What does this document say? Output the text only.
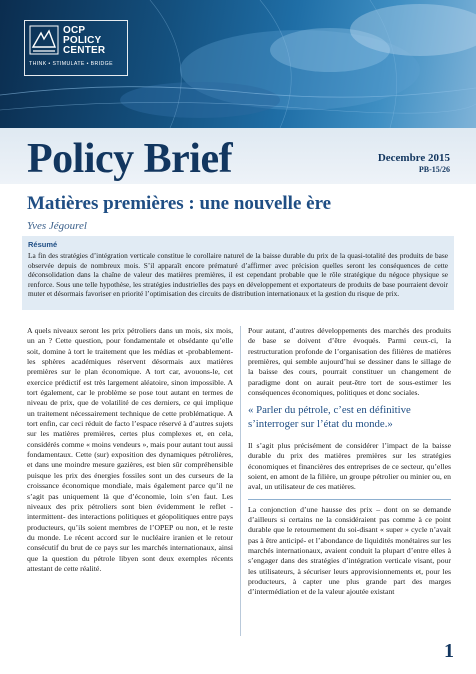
OCP
POLICY
CENTER
THINK • STIMULATE • BRIDGE
Policy Brief	Decembre 2015
PB-15/26
Matières premières : une nouvelle ère
Yves Jégourel
Résumé

La fin des stratégies d’intégration verticale constitue le corollaire naturel de la baisse durable du prix de la quasi-totalité des produits de base observée depuis de nombreux mois. S’il apparaît encore prématuré d’affirmer avec précision quelles seront les conséquences de cette déconsolidation dans la chaîne de valeur des matières premières, il est cependant probable que le rôle stratégique du négoce physique se renforce. Sous une telle hypothèse, les stratégies industrielles des pays en développement et exportateurs de produits de base pourraient devoir muter et désormais favoriser en priorité l’optimisation des circuits de distribution internationaux et la gestion du risque de prix.

A quels niveaux seront les prix pétroliers dans un mois, six mois, un an ? Cette question, pour fondamentale et obsédante qu’elle soit, domine à tort le traitement que les médias et -probablement- les sphères académiques réservent désormais aux matières premières sur le plan économique. A tort car, avouons-le, cet exercice prédictif est très largement aléatoire, sinon impossible. A tort également, car le problème se pose tout autant en termes de niveau de prix, que de volatilité de ces derniers, ce qui implique un traitement nécessairement technique de cette problématique. A tort enfin, car ceci réduit de facto l’espace réservé à d’autres sujets sur les matières premières, certes plus complexes et, en cela, considérés comme « moins vendeurs », mais pour autant tout aussi fondamentaux. Cette (sur) exposition des dynamiques pétrolières, et dans une moindre mesure gazières, est bien sûr compréhensible puisque les prix des énergies fossiles sont un des curseurs de la croissance économique mondiale, mais également parce qu’il ne s’agit pas uniquement là que d’économie, loin s’en faut. Les niveaux des prix pétroliers sont bien évidemment le reflet -intermittent- des interactions politiques et géopolitiques entre pays producteurs, qu’ils soient membres de l’OPEP ou non, et le reste du monde. Le récent accord sur le nucléaire iranien et le retour consécutif du brut de ce pays sur les marchés internationaux, ainsi que la question du pétrole libyen sont deux exemples récents attestant de cette réalité.

Pour autant, d’autres développements des marchés des produits de base se doivent d’être évoqués. Parmi ceux-ci, la restructuration profonde de l’organisation des filières de matières premières, qui semble aujourd’hui se dessiner dans le sillage de la baisse des cours, pourrait constituer un changement de paradigme dont on aurait peut-être tort de sous-estimer les conséquences économiques, politiques et donc sociales.

« Parler du pétrole, c’est en définitive s’interroger sur l’état du monde.»

Il s’agit plus précisément de considérer l’impact de la baisse durable du prix des matières premières sur les stratégies économiques et financières des entreprises de ce secteur, qu’elles soient, en amont de la filière, un groupe pétrolier ou minier ou, en aval, un utilisateur de ces matières.

La conjonction d’une hausse des prix – dont on se demande d’ailleurs si certains ne la considéraient pas comme à ce point durable que le retournement du soi-disant « super » cycle n’avait pas à être anticipé- et l’abondance de liquidités monétaires sur les marchés internationaux, avaient conduit la plupart d’entre elles à s’engager dans des stratégies d’intégration verticale visant, pour les utilisateurs, à sécuriser leurs approvisionnements et, pour les producteurs, à capter une plus grande part des marges d’intermédiation et de la valeur ajoutée existant

1
